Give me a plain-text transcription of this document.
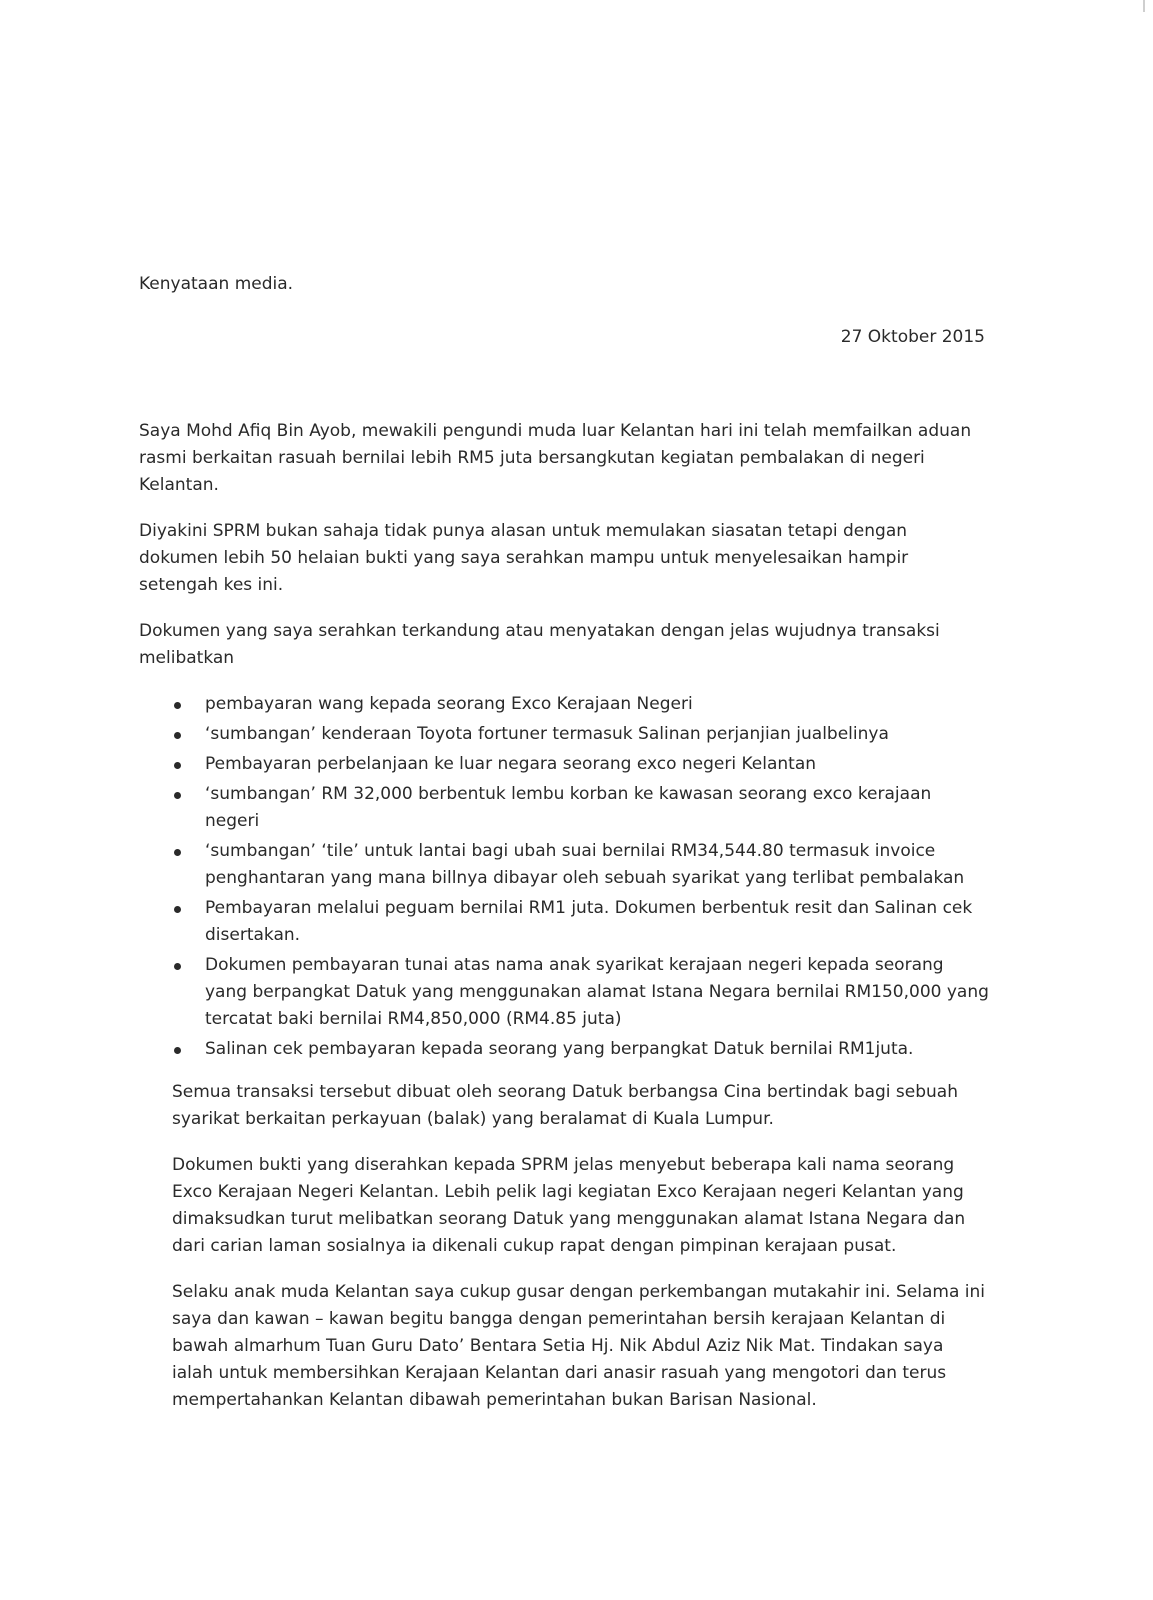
Kenyataan media.
27 Oktober 2015

Saya Mohd Afiq Bin Ayob, mewakili pengundi muda luar Kelantan hari ini telah memfailkan aduan rasmi berkaitan rasuah bernilai lebih RM5 juta bersangkutan kegiatan pembalakan di negeri Kelantan.

Diyakini SPRM bukan sahaja tidak punya alasan untuk memulakan siasatan tetapi dengan dokumen lebih 50 helaian bukti yang saya serahkan mampu untuk menyelesaikan hampir setengah kes ini.

Dokumen yang saya serahkan terkandung atau menyatakan dengan jelas wujudnya transaksi melibatkan

pembayaran wang kepada seorang Exco Kerajaan Negeri
‘sumbangan’ kenderaan Toyota fortuner termasuk Salinan perjanjian jualbelinya
Pembayaran perbelanjaan ke luar negara seorang exco negeri Kelantan
‘sumbangan’ RM 32,000 berbentuk lembu korban ke kawasan seorang exco kerajaan negeri
‘sumbangan’ ‘tile’ untuk lantai bagi ubah suai bernilai RM34,544.80 termasuk invoice penghantaran yang mana billnya dibayar oleh sebuah syarikat yang terlibat pembalakan
Pembayaran melalui peguam bernilai RM1 juta. Dokumen berbentuk resit dan Salinan cek disertakan.
Dokumen pembayaran tunai atas nama anak syarikat kerajaan negeri kepada seorang yang berpangkat Datuk yang menggunakan alamat Istana Negara bernilai RM150,000 yang tercatat baki bernilai RM4,850,000 (RM4.85 juta)
Salinan cek pembayaran kepada seorang yang berpangkat Datuk bernilai RM1juta.

Semua transaksi tersebut dibuat oleh seorang Datuk berbangsa Cina bertindak bagi sebuah syarikat berkaitan perkayuan (balak) yang beralamat di Kuala Lumpur.

Dokumen bukti yang diserahkan kepada SPRM jelas menyebut beberapa kali nama seorang Exco Kerajaan Negeri Kelantan. Lebih pelik lagi kegiatan Exco Kerajaan negeri Kelantan yang dimaksudkan turut melibatkan seorang Datuk yang menggunakan alamat Istana Negara dan dari carian laman sosialnya ia dikenali cukup rapat dengan pimpinan kerajaan pusat.

Selaku anak muda Kelantan saya cukup gusar dengan perkembangan mutakahir ini. Selama ini saya dan kawan – kawan begitu bangga dengan pemerintahan bersih kerajaan Kelantan di bawah almarhum Tuan Guru Dato’ Bentara Setia Hj. Nik Abdul Aziz Nik Mat. Tindakan saya ialah untuk membersihkan Kerajaan Kelantan dari anasir rasuah yang mengotori dan terus mempertahankan Kelantan dibawah pemerintahan bukan Barisan Nasional.
